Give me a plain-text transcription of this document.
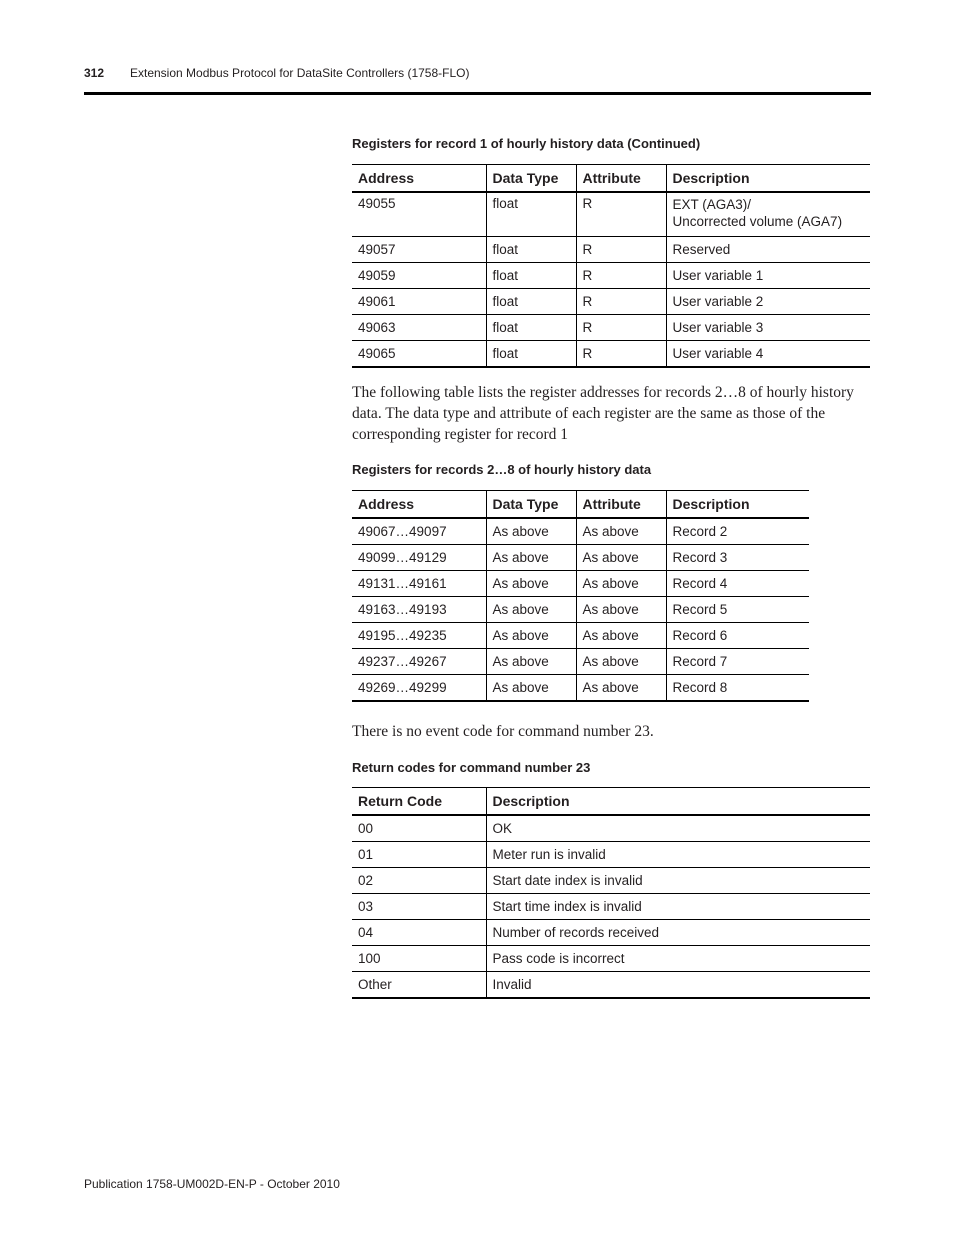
312 Extension Modbus Protocol for DataSite Controllers (1758-FLO)
Registers for record 1 of hourly history data (Continued)
Address	Data Type	Attribute	Description
49055	float	R	EXT (AGA3)/
Uncorrected volume (AGA7)

49057	float	R	Reserved
49059	float	R	User variable 1
49061	float	R	User variable 2
49063	float	R	User variable 3
49065	float	R	User variable 4

The following table lists the register addresses for records 2…8 of hourly history data. The data type and attribute of each register are the same as those of the corresponding register for record 1

Registers for records 2…8 of hourly history data
Address	Data Type	Attribute	Description
49067…49097	As above	As above	Record 2
49099…49129	As above	As above	Record 3
49131…49161	As above	As above	Record 4
49163…49193	As above	As above	Record 5
49195…49235	As above	As above	Record 6
49237…49267	As above	As above	Record 7
49269…49299	As above	As above	Record 8

There is no event code for command number 23.

Return codes for command number 23
Return Code	Description
00	OK
01	Meter run is invalid
02	Start date index is invalid
03	Start time index is invalid
04	Number of records received
100	Pass code is incorrect
Other	Invalid
Publication 1758-UM002D-EN-P - October 2010
